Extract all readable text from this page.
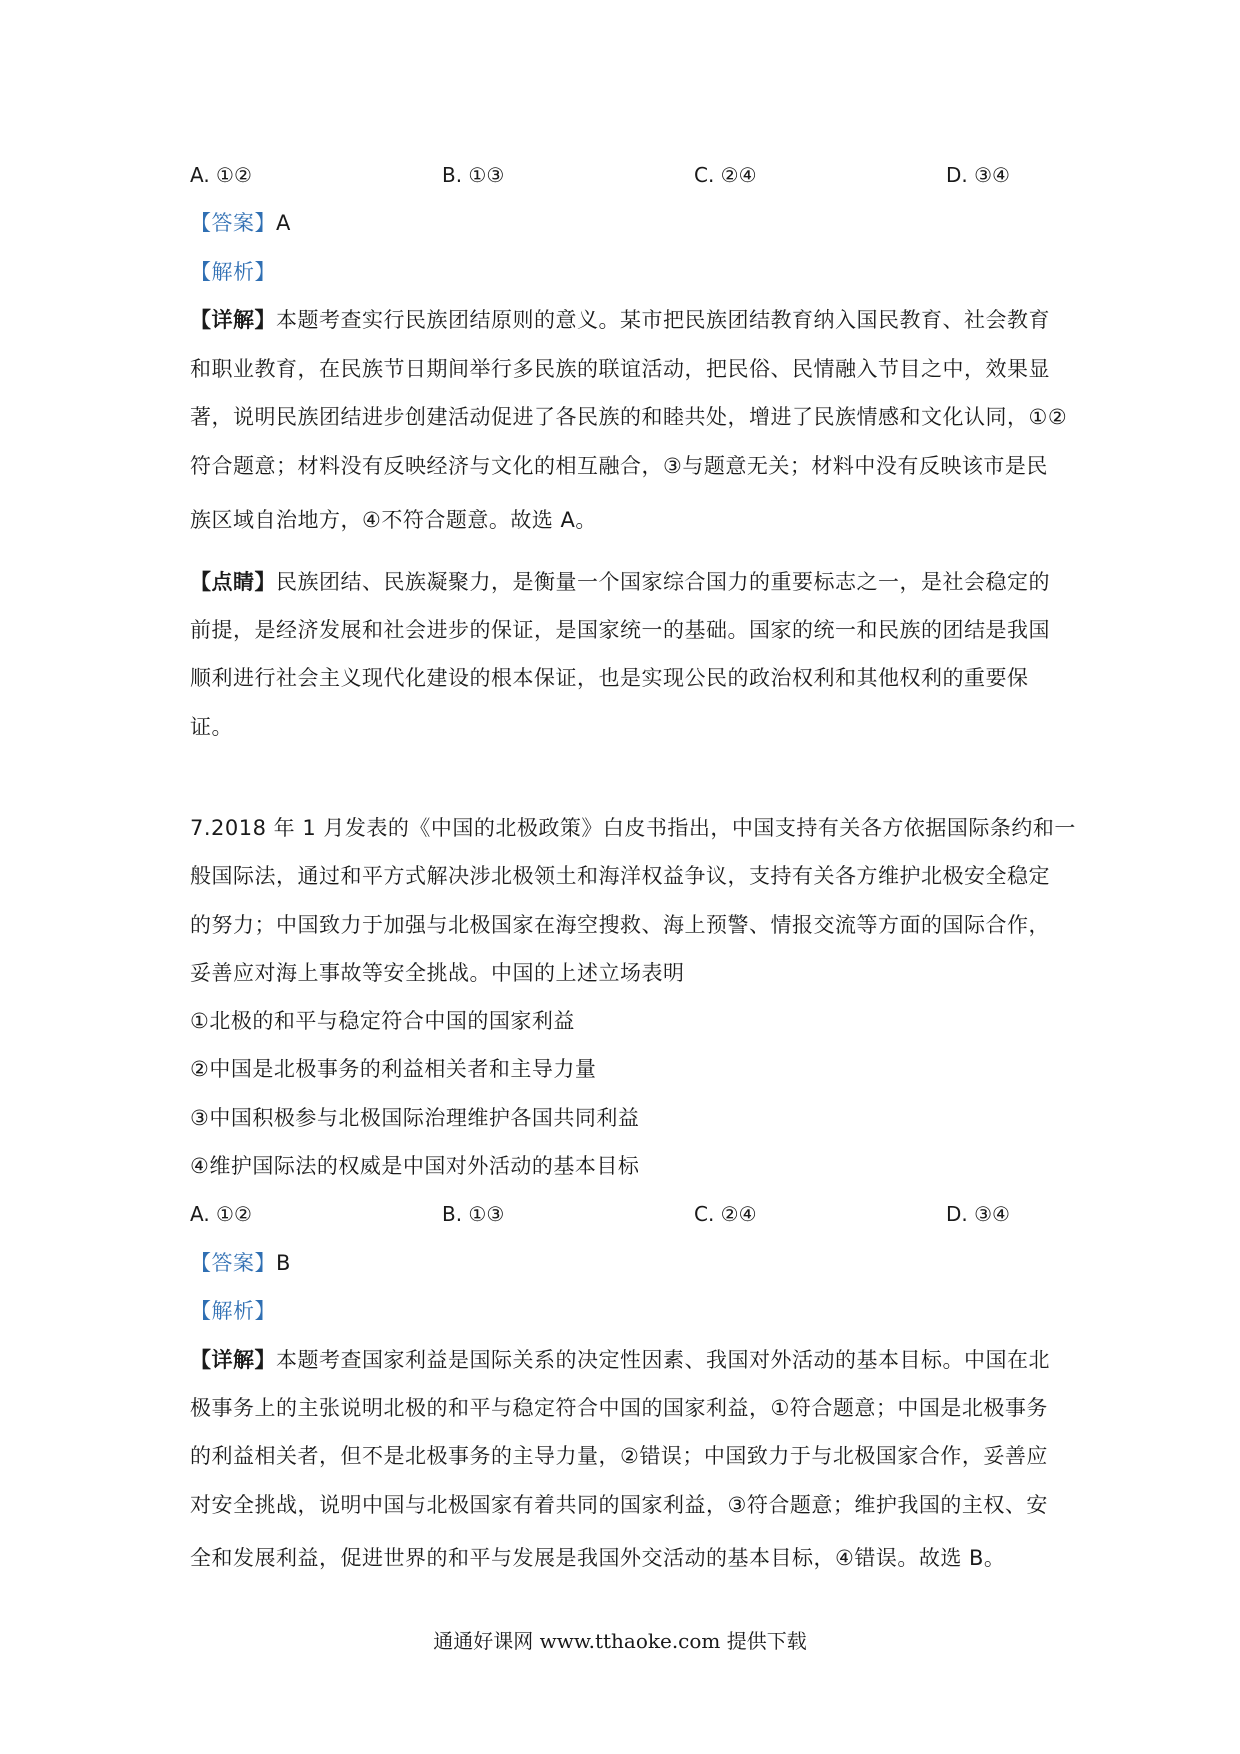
A. ①②	B. ①③	C. ②④	D. ③④
【答案】A
【解析】
【详解】本题考查实行民族团结原则的意义。某市把民族团结教育纳入国民教育、社会教育
和职业教育，在民族节日期间举行多民族的联谊活动，把民俗、民情融入节目之中，效果显
著，说明民族团结进步创建活动促进了各民族的和睦共处，增进了民族情感和文化认同，①②
符合题意；材料没有反映经济与文化的相互融合，③与题意无关；材料中没有反映该市是民
族区域自治地方，④不符合题意。故选 A。
【点睛】民族团结、民族凝聚力，是衡量一个国家综合国力的重要标志之一，是社会稳定的
前提，是经济发展和社会进步的保证，是国家统一的基础。国家的统一和民族的团结是我国
顺利进行社会主义现代化建设的根本保证，也是实现公民的政治权利和其他权利的重要保
证。
7.2018 年 1 月发表的《中国的北极政策》白皮书指出，中国支持有关各方依据国际条约和一
般国际法，通过和平方式解决涉北极领土和海洋权益争议，支持有关各方维护北极安全稳定
的努力；中国致力于加强与北极国家在海空搜救、海上预警、情报交流等方面的国际合作，
妥善应对海上事故等安全挑战。中国的上述立场表明
①北极的和平与稳定符合中国的国家利益
②中国是北极事务的利益相关者和主导力量
③中国积极参与北极国际治理维护各国共同利益
④维护国际法的权威是中国对外活动的基本目标
A. ①②	B. ①③	C. ②④	D. ③④
【答案】B
【解析】
【详解】本题考查国家利益是国际关系的决定性因素、我国对外活动的基本目标。中国在北
极事务上的主张说明北极的和平与稳定符合中国的国家利益，①符合题意；中国是北极事务
的利益相关者，但不是北极事务的主导力量，②错误；中国致力于与北极国家合作，妥善应
对安全挑战，说明中国与北极国家有着共同的国家利益，③符合题意；维护我国的主权、安
全和发展利益，促进世界的和平与发展是我国外交活动的基本目标，④错误。故选 B。
通通好课网 www.tthaoke.com 提供下载
